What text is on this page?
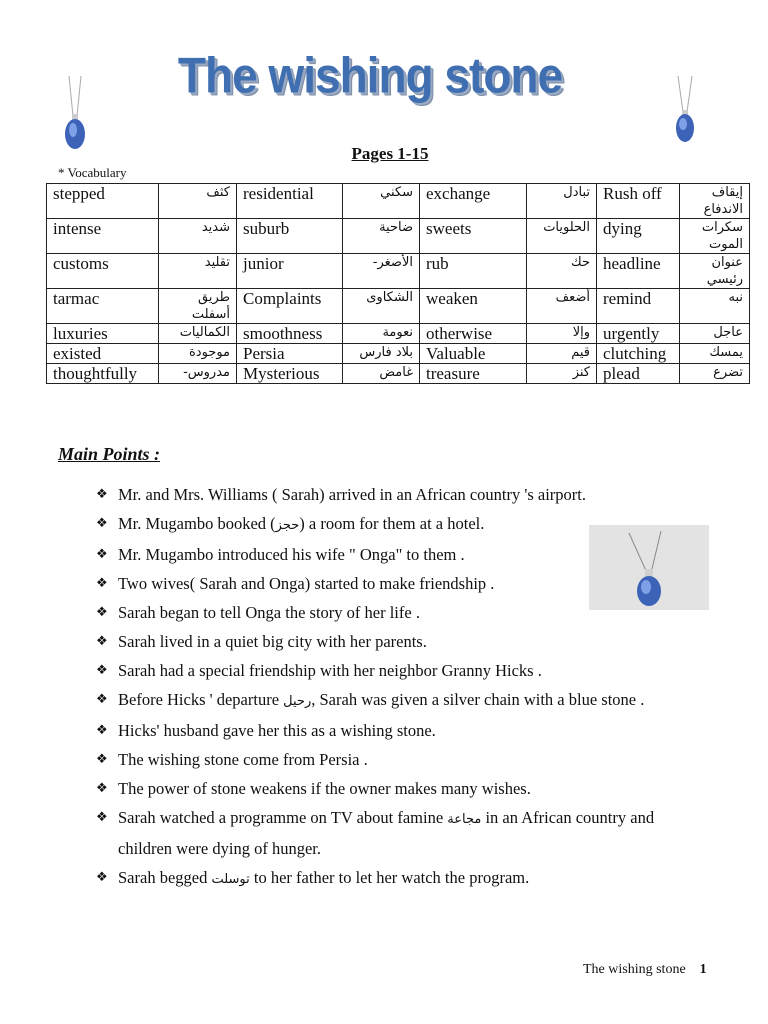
The wishing stone
Pages 1-15
* Vocabulary
stepped	كثف	residential	سكني	exchange	تبادل	Rush off	إيقاف الاندفاع
intense	شديد	suburb	ضاحية	sweets	الحلويات	dying	سكرات الموت
customs	تقليد	junior	الأصغر-	rub	حك	headline	عنوان رئيسي
tarmac	طريق أسفلت	Complaints	الشكاوى	weaken	أضعف	remind	نبه
luxuries	الكماليات	smoothness	نعومة	otherwise	وإلا	urgently	عاجل
existed	موجودة	Persia	بلاد فارس	Valuable	قيم	clutching	يمسك
thoughtfully	مدروس-	Mysterious	غامض	treasure	كنز	plead	تضرع
Main Points :
❖ Mr. and Mrs. Williams ( Sarah) arrived in an African country 's airport.
❖ Mr. Mugambo booked (حجز) a room for them at a hotel.
❖ Mr. Mugambo introduced his wife " Onga" to them .
❖ Two wives( Sarah and Onga) started to make friendship .
❖ Sarah began to tell Onga the story of her life .
❖ Sarah lived in a quiet big city with her parents.
❖ Sarah had a special friendship with her neighbor Granny Hicks .
❖ Before Hicks ' departure رحيل, Sarah was given a silver chain with a blue stone .
❖ Hicks' husband gave her this as a wishing stone.
❖ The wishing stone come from Persia .
❖ The power of stone weakens if the owner makes many wishes.
❖ Sarah watched a programme on TV about famine مجاعة in an African country and children were dying of hunger.
❖ Sarah begged توسلت to her father to let her watch the program.
The wishing stone 1
